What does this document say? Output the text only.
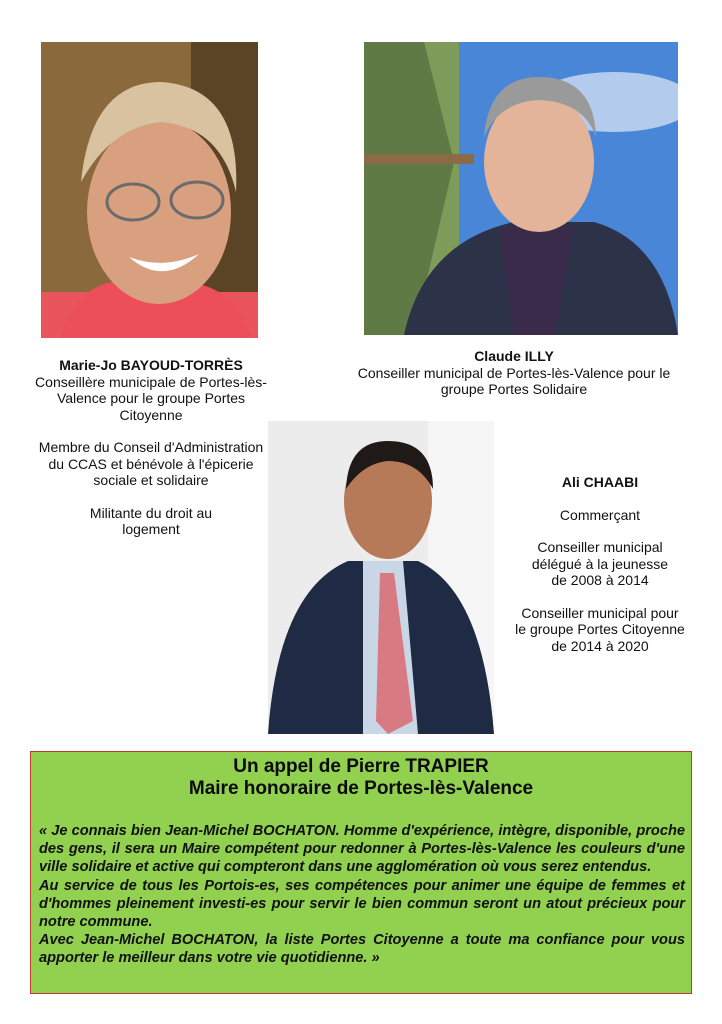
Marie-Jo BAYOUD-TORRÈS
Conseillère municipale de Portes-lès-Valence pour le groupe Portes Citoyenne
Membre du Conseil d'Administration du CCAS et bénévole à l'épicerie sociale et solidaire
Militante du droit au logement
Claude ILLY
Conseiller municipal de Portes-lès-Valence pour le groupe Portes Solidaire
Ali CHAABI
Commerçant
Conseiller municipal délégué à la jeunesse de 2008 à 2014
Conseiller municipal pour le groupe Portes Citoyenne de 2014 à 2020
Un appel de Pierre TRAPIER
Maire honoraire de Portes-lès-Valence
« Je connais bien Jean-Michel BOCHATON. Homme d'expérience, intègre, disponible, proche des gens, il sera un Maire compétent pour redonner à Portes-lès-Valence les couleurs d'une ville solidaire et active qui compteront dans une agglomération où vous serez entendus.
Au service de tous les Portois-es, ses compétences pour animer une équipe de femmes et d'hommes pleinement investi-es pour servir le bien commun seront un atout précieux pour notre commune.
Avec Jean-Michel BOCHATON, la liste Portes Citoyenne a toute ma confiance pour vous apporter le meilleur dans votre vie quotidienne. »
